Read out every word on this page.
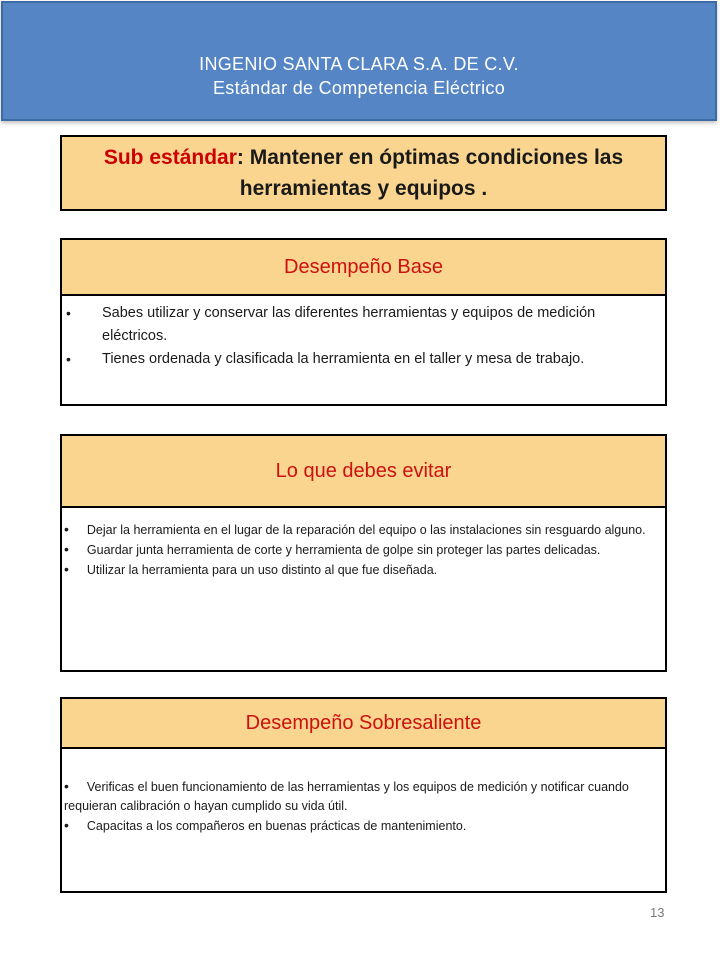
INGENIO SANTA CLARA S.A. DE C.V.
Estándar de Competencia Eléctrico
Sub estándar: Mantener en óptimas condiciones las herramientas y equipos .
Desempeño Base
• Sabes utilizar y conservar las diferentes herramientas y equipos de medición eléctricos.
• Tienes ordenada y clasificada la herramienta en el taller y mesa de trabajo.
Lo que debes evitar
• Dejar la herramienta en el lugar de la reparación del equipo o las instalaciones sin resguardo alguno.
• Guardar junta herramienta de corte y herramienta de golpe sin proteger las partes delicadas.
• Utilizar la herramienta para un uso distinto al que fue diseñada.
Desempeño Sobresaliente
• Verificas el buen funcionamiento de las herramientas y los equipos de medición y notificar cuando requieran calibración o hayan cumplido su vida útil.
• Capacitas a los compañeros en buenas prácticas de mantenimiento.
13
